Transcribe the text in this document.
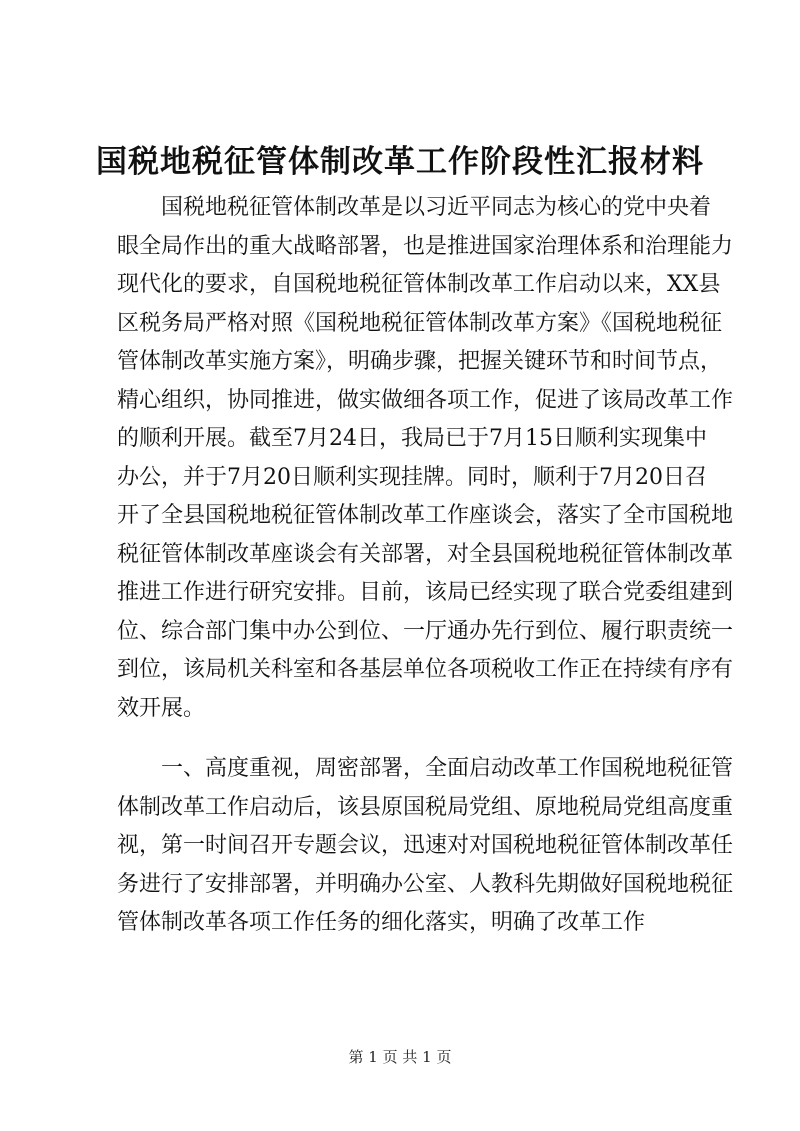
国税地税征管体制改革工作阶段性汇报材料
国税地税征管体制改革是以习近平同志为核心的党中央着
眼全局作出的重大战略部署，也是推进国家治理体系和治理能力
现代化的要求，自国税地税征管体制改革工作启动以来，XX县
区税务局严格对照《国税地税征管体制改革方案》《国税地税征
管体制改革实施方案》，明确步骤，把握关键环节和时间节点，
精心组织，协同推进，做实做细各项工作，促进了该局改革工作
的顺利开展。截至7月24日，我局已于7月15日顺利实现集中
办公，并于7月20日顺利实现挂牌。同时，顺利于7月20日召
开了全县国税地税征管体制改革工作座谈会，落实了全市国税地
税征管体制改革座谈会有关部署，对全县国税地税征管体制改革
推进工作进行研究安排。目前，该局已经实现了联合党委组建到
位、综合部门集中办公到位、一厅通办先行到位、履行职责统一
到位，该局机关科室和各基层单位各项税收工作正在持续有序有
效开展。
一、高度重视，周密部署，全面启动改革工作国税地税征管
体制改革工作启动后，该县原国税局党组、原地税局党组高度重
视，第一时间召开专题会议，迅速对对国税地税征管体制改革任
务进行了安排部署，并明确办公室、人教科先期做好国税地税征
管体制改革各项工作任务的细化落实，明确了改革工作
第 1 页 共 1 页
